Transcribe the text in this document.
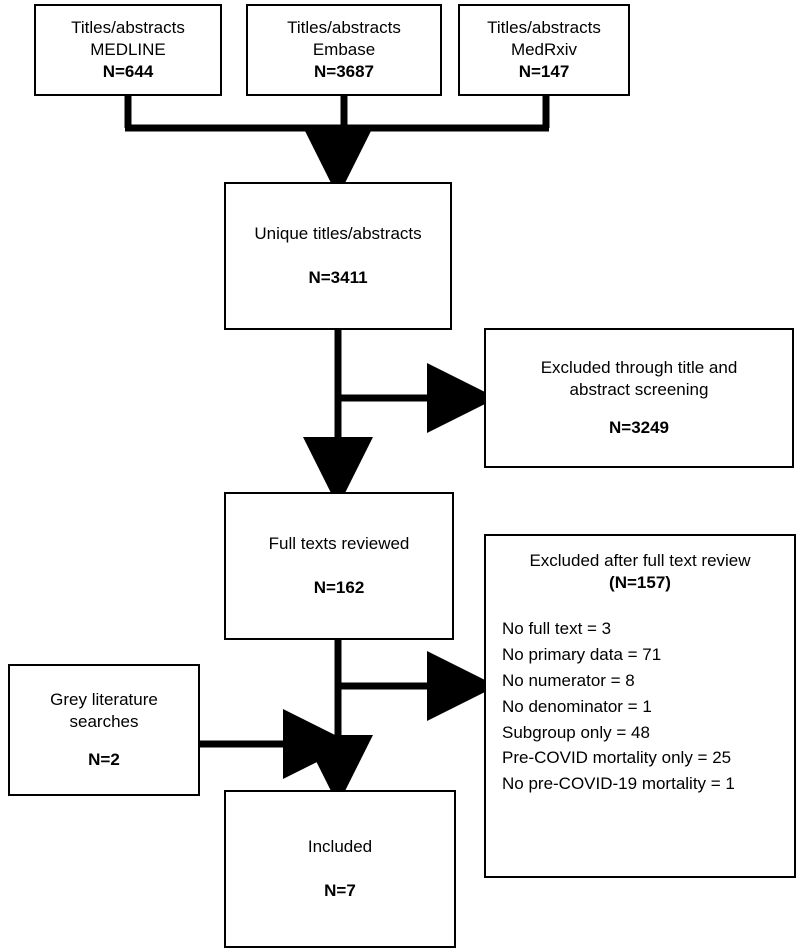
Titles/abstracts
MEDLINE
N=644
Titles/abstracts
Embase
N=3687
Titles/abstracts
MedRxiv
N=147
Unique titles/abstracts
N=3411
Excluded through title and
abstract screening
N=3249
Full texts reviewed
N=162
Excluded after full text review
(N=157)
No full text = 3
No primary data = 71
No numerator = 8
No denominator = 1
Subgroup only = 48
Pre-COVID mortality only = 25
No pre-COVID-19 mortality = 1
Grey literature
searches
N=2
Included
N=7
